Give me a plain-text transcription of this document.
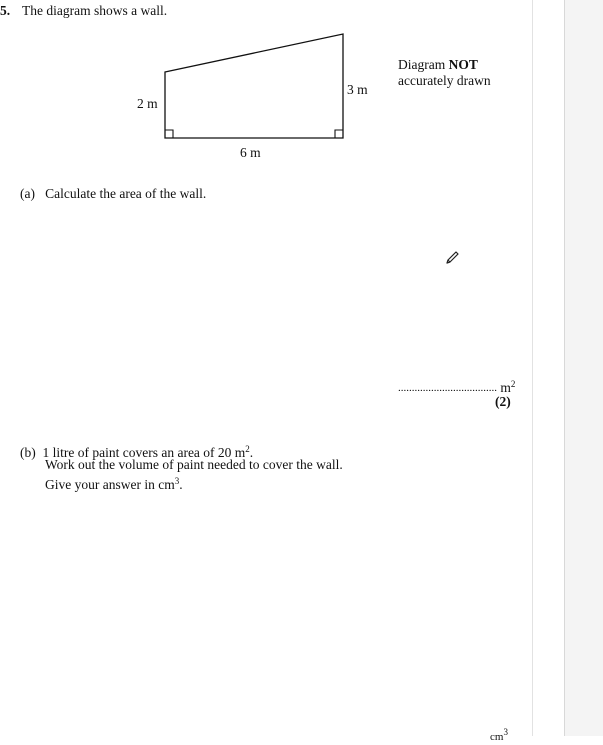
5. The diagram shows a wall.
2 m
3 m
6 m
Diagram NOT
accurately drawn
(a) Calculate the area of the wall.
.................................... $m^2$
(2)
(b) 1 litre of paint covers an area of 20 $m^2$.
Work out the volume of paint needed to cover the wall.
Give your answer in $cm^3$.
$cm^3$
